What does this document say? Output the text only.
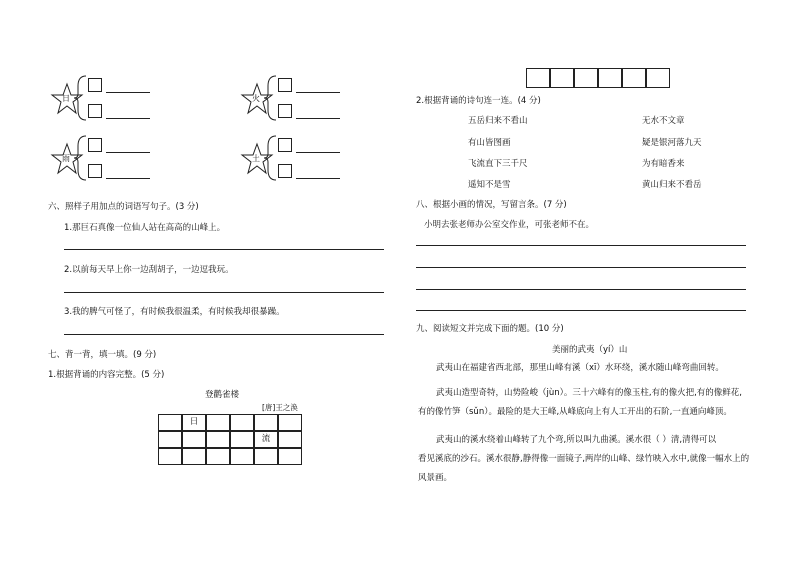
日	火
雨	土
六、照样子用加点的词语写句子。(3 分)
1.那巨石真像一位仙人站在高高的山峰上。
2.以前每天早上你一边刮胡子，一边逗我玩。
3.我的脾气可怪了，有时候我很温柔，有时候我却很暴躁。
七、背一背，填一填。(9 分)
1.根据背诵的内容完整。(5 分)
登鹳雀楼
[唐]王之涣
日
流
2.根据背诵的诗句连一连。(4 分)
五岳归来不看山
有山皆图画
飞流直下三千尺
遥知不是雪
无水不文章
疑是银河落九天
为有暗香来
黄山归来不看岳
八、根据小画的情况，写留言条。(7 分)
小明去张老师办公室交作业，可张老师不在。
九、阅读短文并完成下面的题。(10 分)
美丽的武夷（yí）山
武夷山在福建省西北部，那里山峰有溪（xī）水环绕，溪水随山峰弯曲回转。
武夷山造型奇特，山势险峻（jùn）。三十六峰有的像玉柱,有的像火把,有的像鲜花,
有的像竹笋（sǔn）。最险的是大王峰,从峰底向上有人工开出的石阶,一直通向峰顶。
武夷山的溪水绕着山峰转了九个弯,所以叫九曲溪。溪水很（ ）清,清得可以
看见溪底的沙石。溪水很静,静得像一面镜子,两岸的山峰、绿竹映入水中,就像一幅水上的
风景画。
